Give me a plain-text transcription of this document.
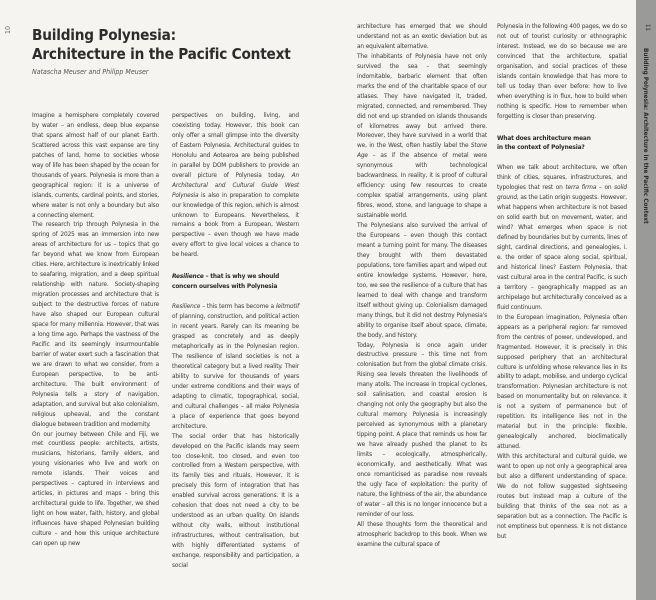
10 Building Polynesia:
Architecture in the Pacific Context
Natascha Meuser and Philipp Meuser

Imagine a hemisphere completely covered by water – an endless, deep blue expanse that spans almost half of our planet Earth. Scattered across this vast expanse are tiny patches of land, home to societies whose way of life has been shaped by the ocean for thousands of years. Polynesia is more than a geographical region: it is a universe of islands, currents, cardinal points, and stories, where water is not only a boundary but also a connecting element.

The research trip through Polynesia in the spring of 2025 was an immersion into new areas of architecture for us – topics that go far beyond what we know from European cities. Here, architecture is inextricably linked to seafaring, migration, and a deep spiritual relationship with nature. Society-shaping migration processes and architecture that is subject to the destructive forces of nature have also shaped our European cultural space for many millennia. However, that was a long time ago. Perhaps the vastness of the Pacific and its seemingly insurmountable barrier of water exert such a fascination that we are drawn to what we consider, from a European perspective, to be anti-architecture. The built environment of Polynesia tells a story of navigation, adaptation, and survival but also colonialism, religious upheaval, and the constant dialogue between tradition and modernity.

On our journey between Chile and Fiji, we met countless people: architects, artists, musicians, historians, family elders, and young visionaries who live and work on remote islands. Their voices and perspectives – captured in interviews and articles, in pictures and maps – bring this architectural guide to life. Together, we shed light on how water, faith, history, and global influences have shaped Polynesian building culture – and how this unique architecture can open up new

perspectives on building, living, and coexisting today. However, this book can only offer a small glimpse into the diversity of Eastern Polynesia. Architectural guides to Honolulu and Aotearoa are being published in parallel by DOM publishers to provide an overall picture of Polynesia today. An Architectural and Cultural Guide West Polynesia is also in preparation to complete our knowledge of this region, which is almost unknown to Europeans. Nevertheless, it remains a book from a European, Western perspective – even though we have made every effort to give local voices a chance to be heard.

Resilience – that is why we should concern ourselves with Polynesia

Resilience – this term has become a leitmotif of planning, construction, and political action in recent years. Rarely can its meaning be grasped as concretely and as deeply metaphorically as in the Polynesian region. The resilience of island societies is not a theoretical category but a lived reality. Their ability to survive for thousands of years under extreme conditions and their ways of adapting to climatic, topographical, social, and cultural challenges – all make Polynesia a place of experience that goes beyond architecture.

The social order that has historically developed on the Pacific islands may seem too close-knit, too closed, and even too controlled from a Western perspective, with its family ties and rituals. However, it is precisely this form of integration that has enabled survival across generations. It is a cohesion that does not need a city to be understood as an urban quality. On islands without city walls, without institutional infrastructures, without centralisation, but with highly differentiated systems of exchange, responsibility and participation, a social

architecture has emerged that we should understand not as an exotic deviation but as an equivalent alternative.

The inhabitants of Polynesia have not only survived the sea – that seemingly indomitable, barbaric element that often marks the end of the charitable space of our atlases. They have navigated it, traded, migrated, connected, and remembered. They did not end up stranded on islands thousands of kilometres away but arrived there. Moreover, they have survived in a world that we, in the West, often hastily label the Stone Age – as if the absence of metal were synonymous with technological backwardness. In reality, it is proof of cultural efficiency: using few resources to create complex spatial arrangements, using plant fibres, wood, stone, and language to shape a sustainable world.

The Polynesians also survived the arrival of the Europeans – even though this contact meant a turning point for many. The diseases they brought with them devastated populations, tore families apart and wiped out entire knowledge systems. However, here, too, we see the resilience of a culture that has learned to deal with change and transform itself without giving up. Colonialism damaged many things, but it did not destroy Polynesia's ability to organise itself about space, climate, the body, and history.

Today, Polynesia is once again under destructive pressure – this time not from colonisation but from the global climate crisis. Rising sea levels threaten the livelihoods of many atolls. The increase in tropical cyclones, soil salinisation, and coastal erosion is changing not only the geography but also the cultural memory. Polynesia is increasingly perceived as synonymous with a planetary tipping point. A place that reminds us how far we have already pushed the planet to its limits – ecologically, atmospherically, economically, and aesthetically. What was once romanticised as paradise now reveals the ugly face of exploitation: the purity of nature, the lightness of the air, the abundance of water – all this is no longer innocence but a reminder of our loss.

All these thoughts form the theoretical and atmospheric backdrop to this book. When we examine the cultural space of

Polynesia in the following 400 pages, we do so not out of tourist curiosity or ethnographic interest. Instead, we do so because we are convinced that the architecture, spatial organisation, and social practices of these islands contain knowledge that has more to tell us today than ever before: how to live when everything is in flux, how to build when nothing is specific. How to remember when forgetting is closer than preserving.

What does architecture mean
in the context of Polynesia?

When we talk about architecture, we often think of cities, squares, infrastructures, and typologies that rest on terra firma – on solid ground, as the Latin origin suggests. However, what happens when architecture is not based on solid earth but on movement, water, and wind? What emerges when space is not defined by boundaries but by currents, lines of sight, cardinal directions, and genealogies, i. e. the order of space along social, spiritual, and historical lines? Eastern Polynesia, that vast cultural area in the central Pacific, is such a territory – geographically mapped as an archipelago but architecturally conceived as a fluid continuum.

In the European imagination, Polynesia often appears as a peripheral region: far removed from the centres of power, undeveloped, and fragmented. However, it is precisely in this supposed periphery that an architectural culture is unfolding whose relevance lies in its ability to adapt, mobilise, and undergo cyclical transformation. Polynesian architecture is not based on monumentality but on relevance. It is not a system of permanence but of repetition. Its intelligence lies not in the material but in the principle: flexible, genealogically anchored, bioclimatically attuned.

With this architectural and cultural guide, we want to open up not only a geographical area but also a different understanding of space. We do not follow suggested sightseeing routes but instead map a culture of the building that thinks of the sea not as a separation but as a connection. The Pacific is not emptiness but openness. It is not distance but

11
Building Polynesia: Architecture in the Pacific Context
